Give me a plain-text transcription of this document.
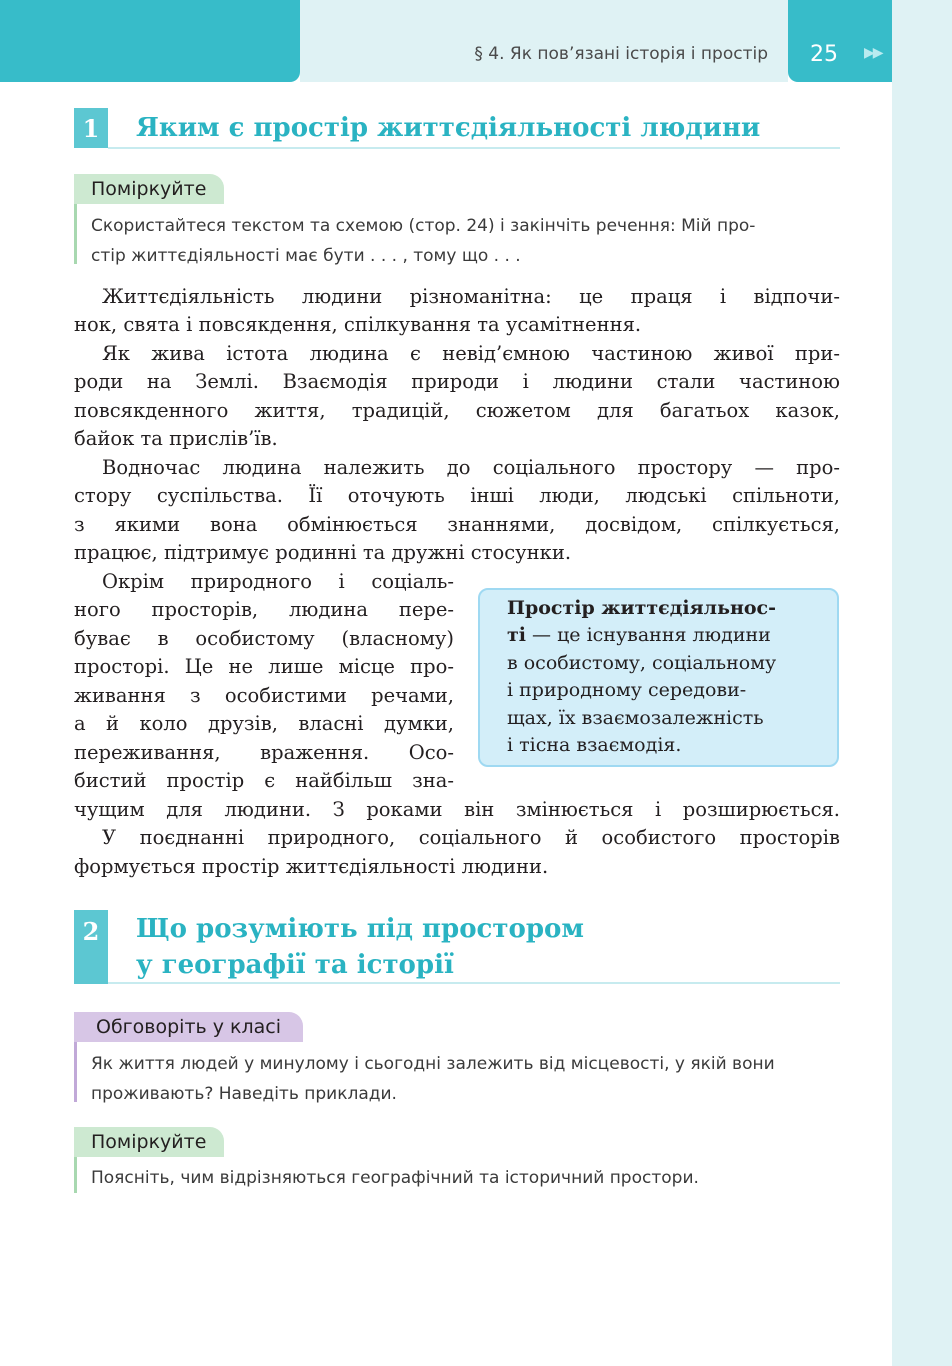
§ 4. Як пов’язані історія і простір 25 ▶▶
1	Яким є простір життєдіяльності людини
Поміркуйте
Скористайтеся текстом та схемою (стор. 24) і закінчіть речення: Мій про-
стір життєдіяльності має бути . . . , тому що . . .
Життєдіяльність людини різноманітна: це праця і відпочи-
нок, свята і повсякдення, спілкування та усамітнення.
Як жива істота людина є невід’ємною частиною живої при-
роди на Землі. Взаємодія природи і людини стали частиною
повсякденного життя, традицій, сюжетом для багатьох казок,
байок та прислів’їв.
Водночас людина належить до соціального простору — про-
стору суспільства. Її оточують інші люди, людські спільноти,
з якими вона обмінюється знаннями, досвідом, спілкується,
працює, підтримує родинні та дружні стосунки.
Окрім природного і соціаль-
ного просторів, людина пере-
буває в особистому (власному)
просторі. Це не лише місце про-
живання з особистими речами,
а й коло друзів, власні думки,
переживання, враження. Осо-
бистий простір є найбільш зна-
чущим для людини. З роками він змінюється і розширюється.
У поєднанні природного, соціального й особистого просторів
формується простір життєдіяльності людини.
Простір життєдіяльнос-
ті — це існування людини
в особистому, соціальному
і природному середови-
щах, їх взаємозалежність
і тісна взаємодія.
2	Що розуміють під простором
у географії та історії
Обговоріть у класі
Як життя людей у минулому і сьогодні залежить від місцевості, у якій вони
проживають? Наведіть приклади.
Поміркуйте
Поясніть, чим відрізняються географічний та історичний простори.
